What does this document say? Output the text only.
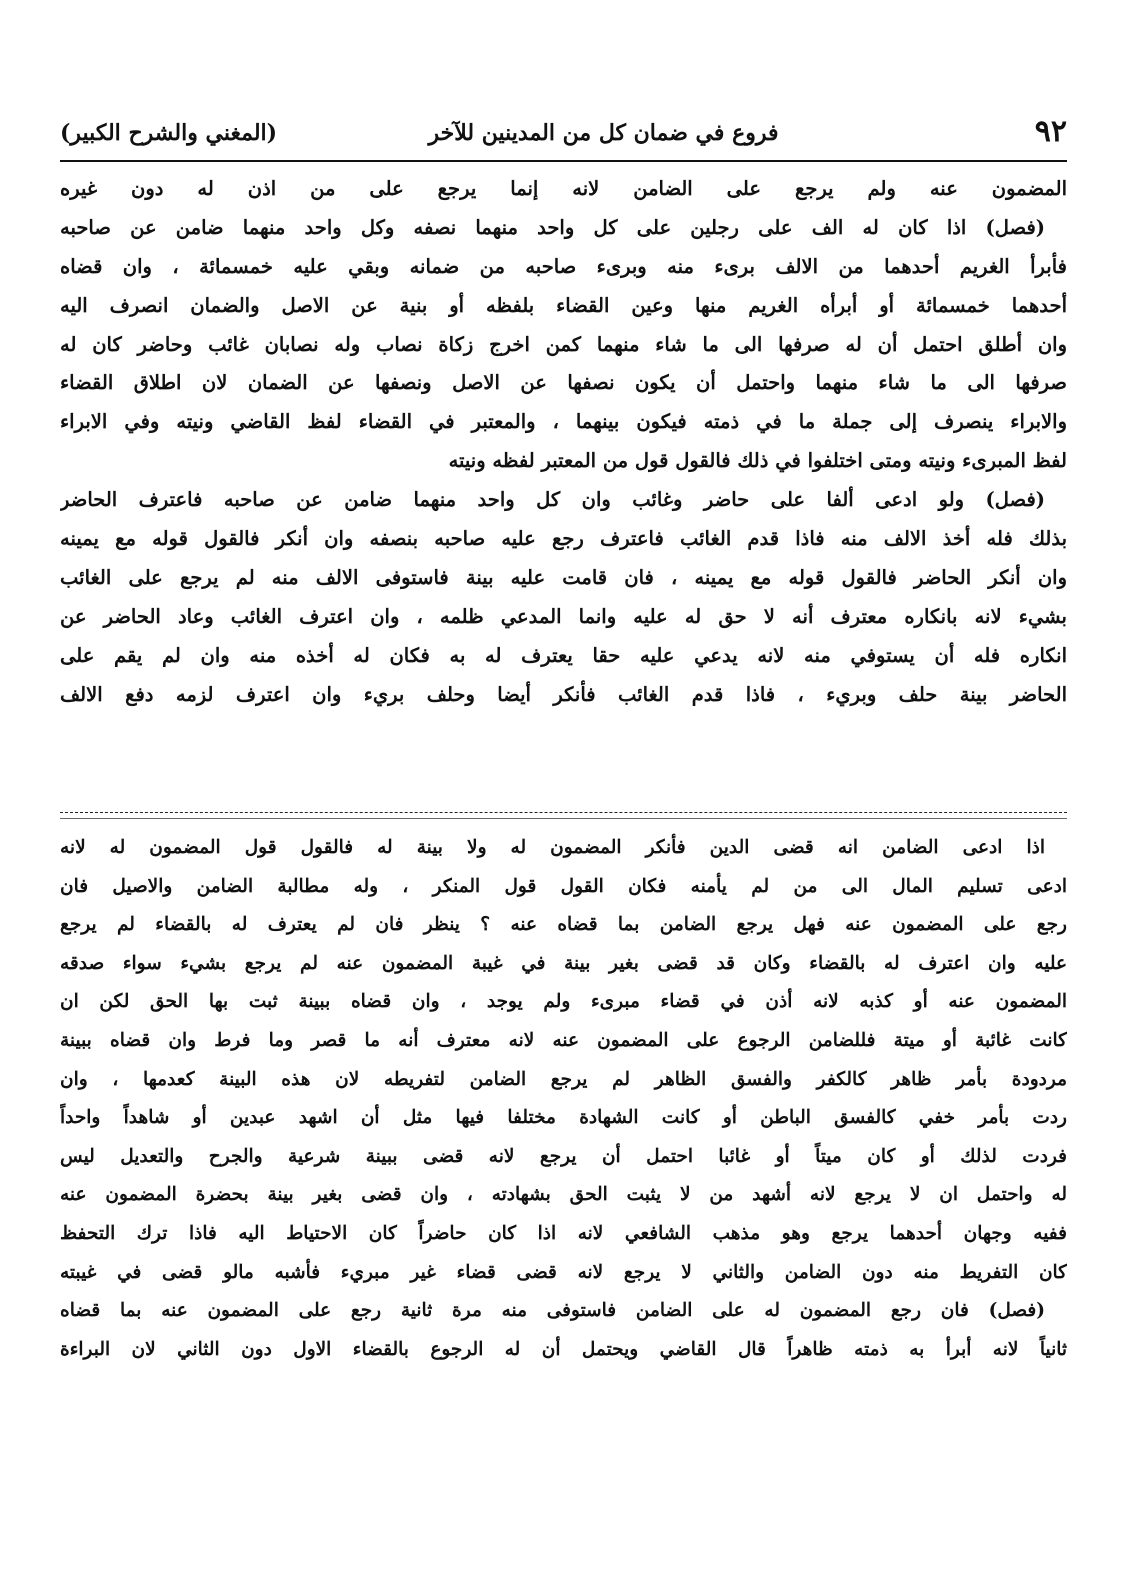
٩٢
فروع في ضمان كل من المدينين للآخر
(المغني والشرح الكبير)
المضمون عنه ولم يرجع على الضامن لانه إنما يرجع على من اذن له دون غيره
(فصل) اذا كان له الف على رجلين على كل واحد منهما نصفه وكل واحد منهما ضامن عن صاحبه
فأبرأ الغريم أحدهما من الالف برىء منه وبرىء صاحبه من ضمانه وبقي عليه خمسمائة ، وان قضاه
أحدهما خمسمائة أو أبرأه الغريم منها وعين القضاء بلفظه أو بنية عن الاصل والضمان انصرف اليه
وان أطلق احتمل أن له صرفها الى ما شاء منهما كمن اخرج زكاة نصاب وله نصابان غائب وحاضر كان له
صرفها الى ما شاء منهما واحتمل أن يكون نصفها عن الاصل ونصفها عن الضمان لان اطلاق القضاء
والابراء ينصرف إلى جملة ما في ذمته فيكون بينهما ، والمعتبر في القضاء لفظ القاضي ونيته وفي الابراء
لفظ المبرىء ونيته ومتى اختلفوا في ذلك فالقول قول من المعتبر لفظه ونيته
(فصل) ولو ادعى ألفا على حاضر وغائب وان كل واحد منهما ضامن عن صاحبه فاعترف الحاضر
بذلك فله أخذ الالف منه فاذا قدم الغائب فاعترف رجع عليه صاحبه بنصفه وان أنكر فالقول قوله مع يمينه
وان أنكر الحاضر فالقول قوله مع يمينه ، فان قامت عليه بينة فاستوفى الالف منه لم يرجع على الغائب
بشيء لانه بانكاره معترف أنه لا حق له عليه وانما المدعي ظلمه ، وان اعترف الغائب وعاد الحاضر عن
انكاره فله أن يستوفي منه لانه يدعي عليه حقا يعترف له به فكان له أخذه منه وان لم يقم على
الحاضر بينة حلف وبريء ، فاذا قدم الغائب فأنكر أيضا وحلف بريء وان اعترف لزمه دفع الالف
اذا ادعى الضامن انه قضى الدين فأنكر المضمون له ولا بينة له فالقول قول المضمون له لانه
ادعى تسليم المال الى من لم يأمنه فكان القول قول المنكر ، وله مطالبة الضامن والاصيل فان
رجع على المضمون عنه فهل يرجع الضامن بما قضاه عنه ؟ ينظر فان لم يعترف له بالقضاء لم يرجع
عليه وان اعترف له بالقضاء وكان قد قضى بغير بينة في غيبة المضمون عنه لم يرجع بشيء سواء صدقه
المضمون عنه أو كذبه لانه أذن في قضاء مبرىء ولم يوجد ، وان قضاه ببينة ثبت بها الحق لكن ان
كانت غائبة أو ميتة فللضامن الرجوع على المضمون عنه لانه معترف أنه ما قصر وما فرط وان قضاه ببينة
مردودة بأمر ظاهر كالكفر والفسق الظاهر لم يرجع الضامن لتفريطه لان هذه البينة كعدمها ، وان
ردت بأمر خفي كالفسق الباطن أو كانت الشهادة مختلفا فيها مثل أن اشهد عبدين أو شاهداً واحداً
فردت لذلك أو كان ميتاً أو غائبا احتمل أن يرجع لانه قضى ببينة شرعية والجرح والتعديل ليس
له واحتمل ان لا يرجع لانه أشهد من لا يثبت الحق بشهادته ، وان قضى بغير بينة بحضرة المضمون عنه
ففيه وجهان أحدهما يرجع وهو مذهب الشافعي لانه اذا كان حاضراً كان الاحتياط اليه فاذا ترك التحفظ
كان التفريط منه دون الضامن والثاني لا يرجع لانه قضى قضاء غير مبريء فأشبه مالو قضى في غيبته
(فصل) فان رجع المضمون له على الضامن فاستوفى منه مرة ثانية رجع على المضمون عنه بما قضاه
ثانياً لانه أبرأ به ذمته ظاهراً قال القاضي ويحتمل أن له الرجوع بالقضاء الاول دون الثاني لان البراءة
